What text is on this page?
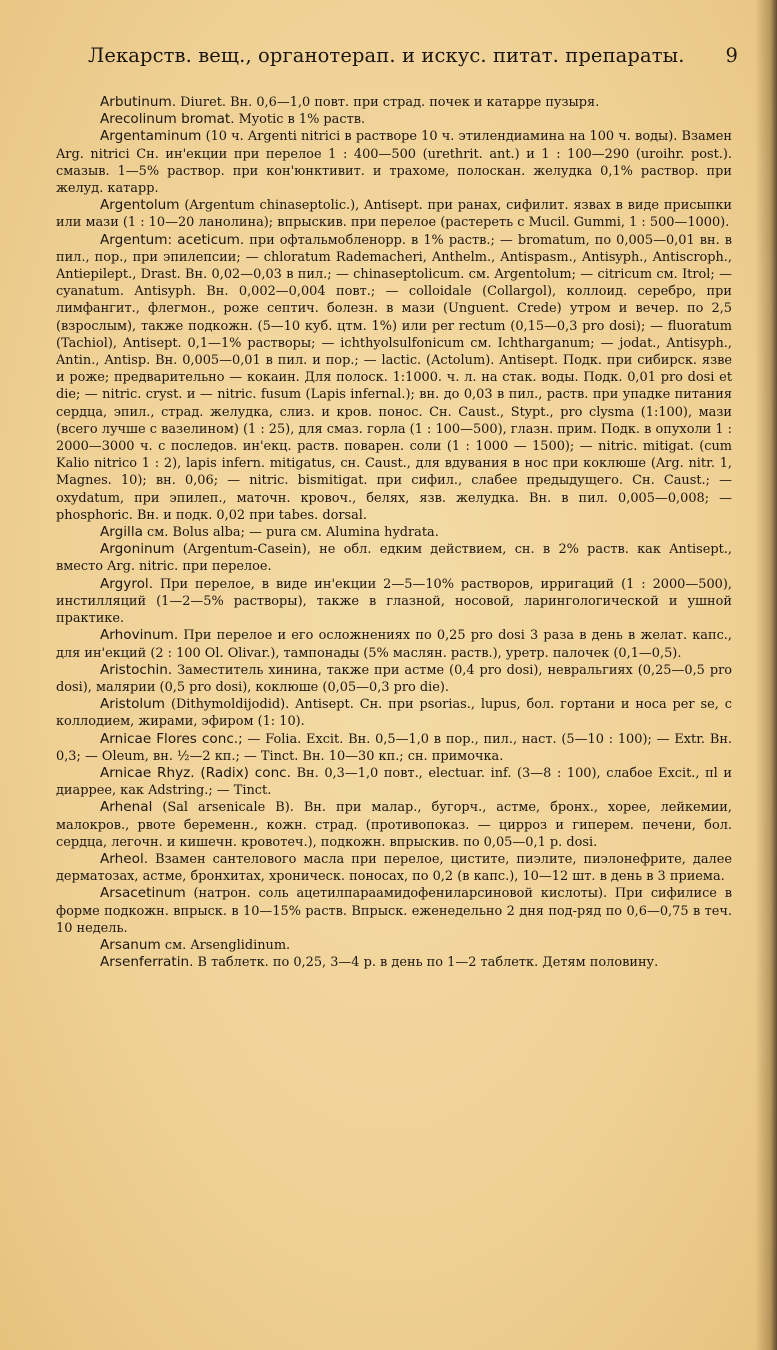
Лекарств. вещ., органотерап. и искус. питат. препараты. 9

Arbutinum. Diuret. Вн. 0,6—1,0 повт. при страд. почек и катарре пузыря.

Arecolinum bromat. Myotic в 1% раств.

Argentaminum (10 ч. Argenti nitrici в растворе 10 ч. этилендиамина на 100 ч. воды). Взамен Arg. nitrici Сн. ин'екции при перелое 1 : 400—500 (urethrit. ant.) и 1 : 100—290 (uroihr. post.). смазыв. 1—5% раствор. при кон'юнктивит. и трахоме, полоскан. желудка 0,1% раствор. при желуд. катарр.

Argentolum (Argentum chinaseptolic.), Antisept. при ранах, сифилит. язвах в виде присыпки или мази (1 : 10—20 ланолина); впрыскив. при перелое (растереть с Mucil. Gummi, 1 : 500—1000).

Argentum: aceticum. при офтальмобленорр. в 1% раств.; — bromatum, по 0,005—0,01 вн. в пил., пор., при эпилепсии; — chloratum Rademacheri, Anthelm., Antispasm., Antisyph., Antiscroph., Antiepilept., Drast. Вн. 0,02—0,03 в пил.; — chinaseptolicum. см. Argentolum; — citricum см. Itrol; — cyanatum. Antisyph. Вн. 0,002—0,004 повт.; — colloidale (Collargol), коллоид. серебро, при лимфангит., флегмон., роже септич. болезн. в мази (Unguent. Crede) утром и вечер. по 2,5 (взрослым), также подкожн. (5—10 куб. цтм. 1%) или per rectum (0,15—0,3 pro dosi); — fluoratum (Tachiol), Antisept. 0,1—1% растворы; — ichthyolsulfonicum см. Ichtharganum; — jodat., Antisyph., Antin., Antisp. Вн. 0,005—0,01 в пил. и пор.; — lactic. (Actolum). Antisept. Подк. при сибирск. язве и роже; предварительно — кокаин. Для полоск. 1:1000. ч. л. на стак. воды. Подк. 0,01 pro dosi et die; — nitric. cryst. и — nitric. fusum (Lapis infernal.); вн. до 0,03 в пил., раств. при упадке питания сердца, эпил., страд. желудка, слиз. и кров. понос. Сн. Caust., Stypt., pro clysma (1:100), мази (всего лучше с вазелином) (1 : 25), для смаз. горла (1 : 100—500), глазн. прим. Подк. в опухоли 1 : 2000—3000 ч. с последов. ин'екц. раств. поварен. соли (1 : 1000 — 1500); — nitric. mitigat. (cum Kalio nitrico 1 : 2), lapis infern. mitigatus, сн. Caust., для вдувания в нос при коклюше (Arg. nitr. 1, Magnes. 10); вн. 0,06; — nitric. bismitigat. при сифил., слабее предыдущего. Сн. Caust.; — oxydatum, при эпилеп., маточн. кровоч., белях, язв. желудка. Вн. в пил. 0,005—0,008; — phosphoric. Вн. и подк. 0,02 при tabes. dorsal.

Argilla см. Bolus alba; — pura см. Alumina hydrata.

Argoninum (Argentum-Casein), не обл. едким действием, сн. в 2% раств. как Antisept., вместо Arg. nitric. при перелое.

Argyrol. При перелое, в виде ин'екции 2—5—10% растворов, ирригаций (1 : 2000—500), инстилляций (1—2—5% растворы), также в глазной, носовой, ларингологической и ушной практике.

Arhovinum. При перелое и его осложнениях по 0,25 pro dosi 3 раза в день в желат. капс., для ин'екций (2 : 100 Ol. Olivar.), тампонады (5% маслян. раств.), уретр. палочек (0,1—0,5).

Aristochin. Заместитель хинина, также при астме (0,4 pro dosi), невральгиях (0,25—0,5 pro dosi), малярии (0,5 pro dosi), коклюше (0,05—0,3 pro die).

Aristolum (Dithymoldijodid). Antisept. Сн. при psorias., lupus, бол. гортани и носа per se, с коллодием, жирами, эфиром (1: 10).

Arnicae Flores conc.; — Folia. Excit. Вн. 0,5—1,0 в пор., пил., наст. (5—10 : 100); — Extr. Вн. 0,3; — Oleum, вн. ½—2 кп.; — Tinct. Вн. 10—30 кп.; сн. примочка.

Arnicae Rhyz. (Radix) conc. Вн. 0,3—1,0 повт., electuar. inf. (3—8 : 100), слабое Excit., пl и диаррее, как Adstring.; — Tinct.

Arhenal (Sal arsenicale B). Вн. при малар., бугорч., астме, бронх., хорее, лейкемии, малокров., рвоте беременн., кожн. страд. (противопоказ. — цирроз и гиперем. печени, бол. сердца, легочн. и кишечн. кровотеч.), подкожн. впрыскив. по 0,05—0,1 p. dosi.

Arheol. Взамен сантелового масла при перелое, цистите, пиэлите, пиэлонефрите, далее дерматозах, астме, бронхитах, хроническ. поносах, по 0,2 (в капс.), 10—12 шт. в день в 3 приема.

Arsacetinum (натрон. соль ацетилпараамидофениларсиновой кислоты). При сифилисе в форме подкожн. впрыск. в 10—15% раств. Впрыск. еженедельно 2 дня под-ряд по 0,6—0,75 в теч. 10 недель.

Arsanum см. Arsenglidinum.

Arsenferratin. В таблетк. по 0,25, 3—4 р. в день по 1—2 таблетк. Детям половину.
